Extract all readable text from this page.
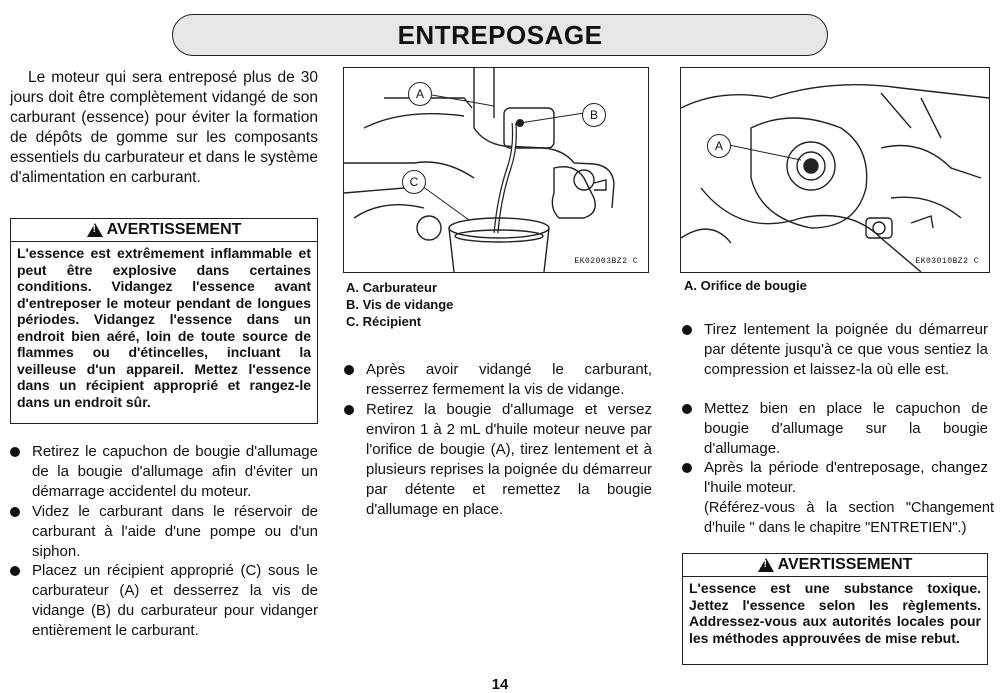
ENTREPOSAGE
Le moteur qui sera entreposé plus de 30 jours doit être complètement vidangé de son carburant (essence) pour éviter la formation de dépôts de gomme sur les composants essentiels du carburateur et dans le système d'alimentation en carburant.
!
AVERTISSEMENT
L'essence est extrêmement inflammable et peut être explosive dans certaines conditions. Vidangez l'essence avant d'entreposer le moteur pendant de longues périodes. Vidangez l'essence dans un endroit bien aéré, loin de toute source de flammes ou d'étincelles, incluant la veilleuse d'un appareil. Mettez l'essence dans un récipient approprié et rangez-le dans un endroit sûr.
Retirez le capuchon de bougie d'allumage de la bougie d'allumage afin d'éviter un démarrage accidentel du moteur.
Videz le carburant dans le réservoir de carburant à l'aide d'une pompe ou d'un siphon.
Placez un récipient approprié (C) sous le carburateur (A) et desserrez la vis de vidange (B) du carburateur pour vidanger entièrement le carburant.
A
B
C
EK02003BZ2 C
A. Carburateur
B. Vis de vidange
C. Récipient
Après avoir vidangé le carburant, resserrez fermement la vis de vidange.
Retirez la bougie d'allumage et versez environ 1 à 2 mL d'huile moteur neuve par l'orifice de bougie (A), tirez lentement et à plusieurs reprises la poignée du démarreur par détente et remettez la bougie d'allumage en place.
A
EK03010BZ2 C
A. Orifice de bougie
Tirez lentement la poignée du démarreur par détente jusqu'à ce que vous sentiez la compression et laissez-la où elle est.
Mettez bien en place le capuchon de bougie d'allumage sur la bougie d'allumage.
Après la période d'entreposage, changez l'huile moteur.
(Référez-vous à la section "Changement d'huile " dans le chapitre "ENTRETIEN".)
!
AVERTISSEMENT
L'essence est une substance toxique. Jettez l'essence selon les règlements. Addressez-vous aux autorités locales pour les méthodes approuvées de mise rebut.
14
